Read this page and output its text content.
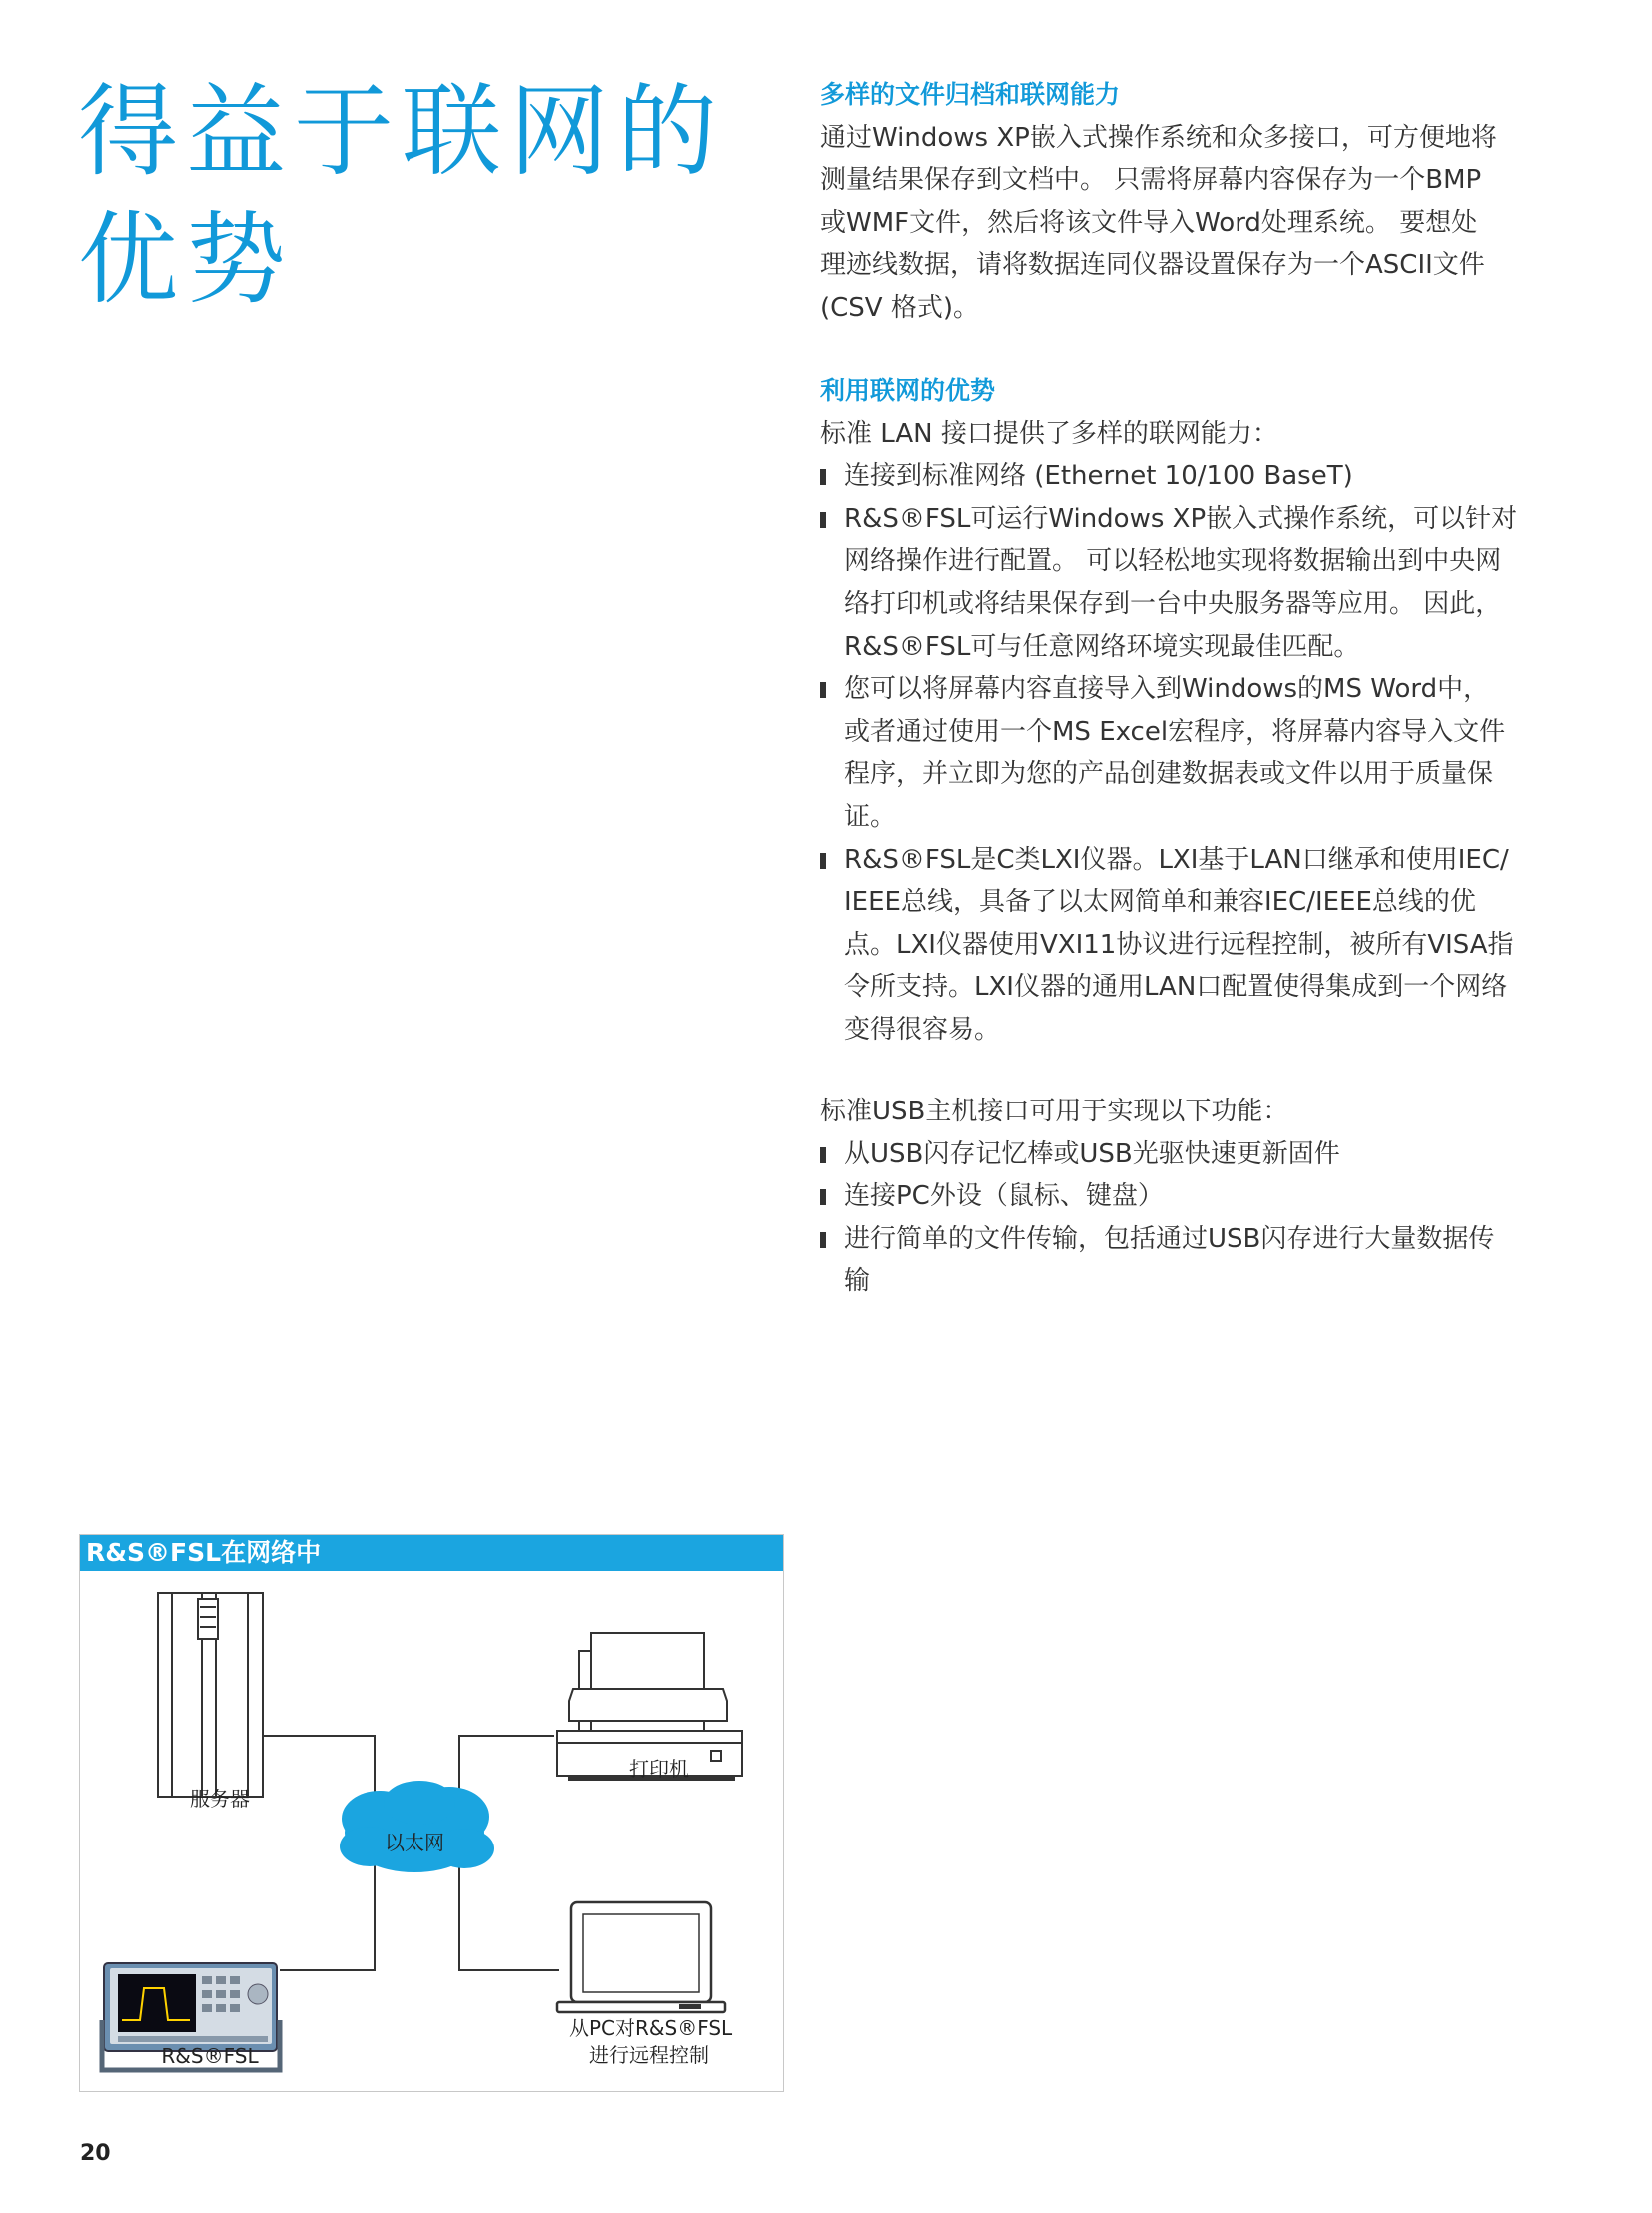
得益于联网的
优势
多样的文件归档和联网能力
通过Windows XP嵌入式操作系统和众多接口，可方便地将
测量结果保存到文档中。 只需将屏幕内容保存为一个BMP
或WMF文件，然后将该文件导入Word处理系统。 要想处
理迹线数据，请将数据连同仪器设置保存为一个ASCII文件
(CSV 格式)。
利用联网的优势
标准 LAN 接口提供了多样的联网能力：
连接到标准网络 (Ethernet 10/100 BaseT)
R&S®FSL可运行Windows XP嵌入式操作系统，可以针对
网络操作进行配置。 可以轻松地实现将数据输出到中央网
络打印机或将结果保存到一台中央服务器等应用。 因此，
R&S®FSL可与任意网络环境实现最佳匹配。
您可以将屏幕内容直接导入到Windows的MS Word中，
或者通过使用一个MS Excel宏程序，将屏幕内容导入文件
程序，并立即为您的产品创建数据表或文件以用于质量保
证。
R&S®FSL是C类LXI仪器。LXI基于LAN口继承和使用IEC/
IEEE总线，具备了以太网简单和兼容IEC/IEEE总线的优
点。LXI仪器使用VXI11协议进行远程控制，被所有VISA指
令所支持。LXI仪器的通用LAN口配置使得集成到一个网络
变得很容易。
标准USB主机接口可用于实现以下功能：
从USB闪存记忆棒或USB光驱快速更新固件
连接PC外设（鼠标、键盘）
进行简单的文件传输，包括通过USB闪存进行大量数据传
输
R&S®FSL在网络中
服务器
以太网
打印机
R&S®FSL
从PC对R&S®FSL
进行远程控制
20
